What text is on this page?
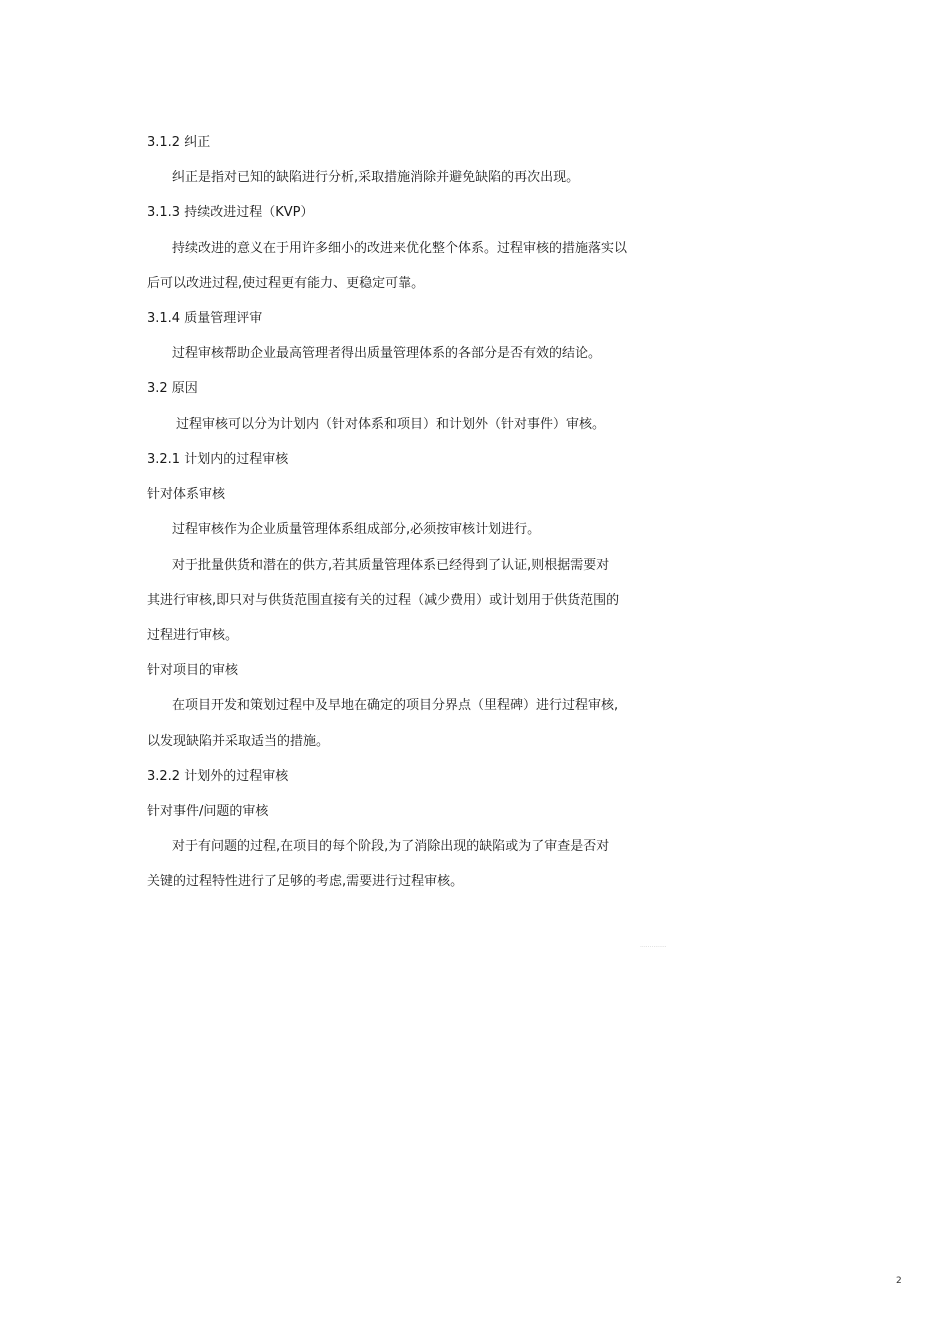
3.1.2 纠正
纠正是指对已知的缺陷进行分析,采取措施消除并避免缺陷的再次出现。
3.1.3 持续改进过程（KVP）
持续改进的意义在于用许多细小的改进来优化整个体系。过程审核的措施落实以
后可以改进过程,使过程更有能力、更稳定可靠。
3.1.4 质量管理评审
过程审核帮助企业最高管理者得出质量管理体系的各部分是否有效的结论。
3.2 原因
过程审核可以分为计划内（针对体系和项目）和计划外（针对事件）审核。
3.2.1 计划内的过程审核
针对体系审核
过程审核作为企业质量管理体系组成部分,必须按审核计划进行。
对于批量供货和潜在的供方,若其质量管理体系已经得到了认证,则根据需要对
其进行审核,即只对与供货范围直接有关的过程（减少费用）或计划用于供货范围的
过程进行审核。
针对项目的审核
在项目开发和策划过程中及早地在确定的项目分界点（里程碑）进行过程审核,
以发现缺陷并采取适当的措施。
3.2.2 计划外的过程审核
针对事件/问题的审核
对于有问题的过程,在项目的每个阶段,为了消除出现的缺陷或为了审查是否对
关键的过程特性进行了足够的考虑,需要进行过程审核。
..............
2
